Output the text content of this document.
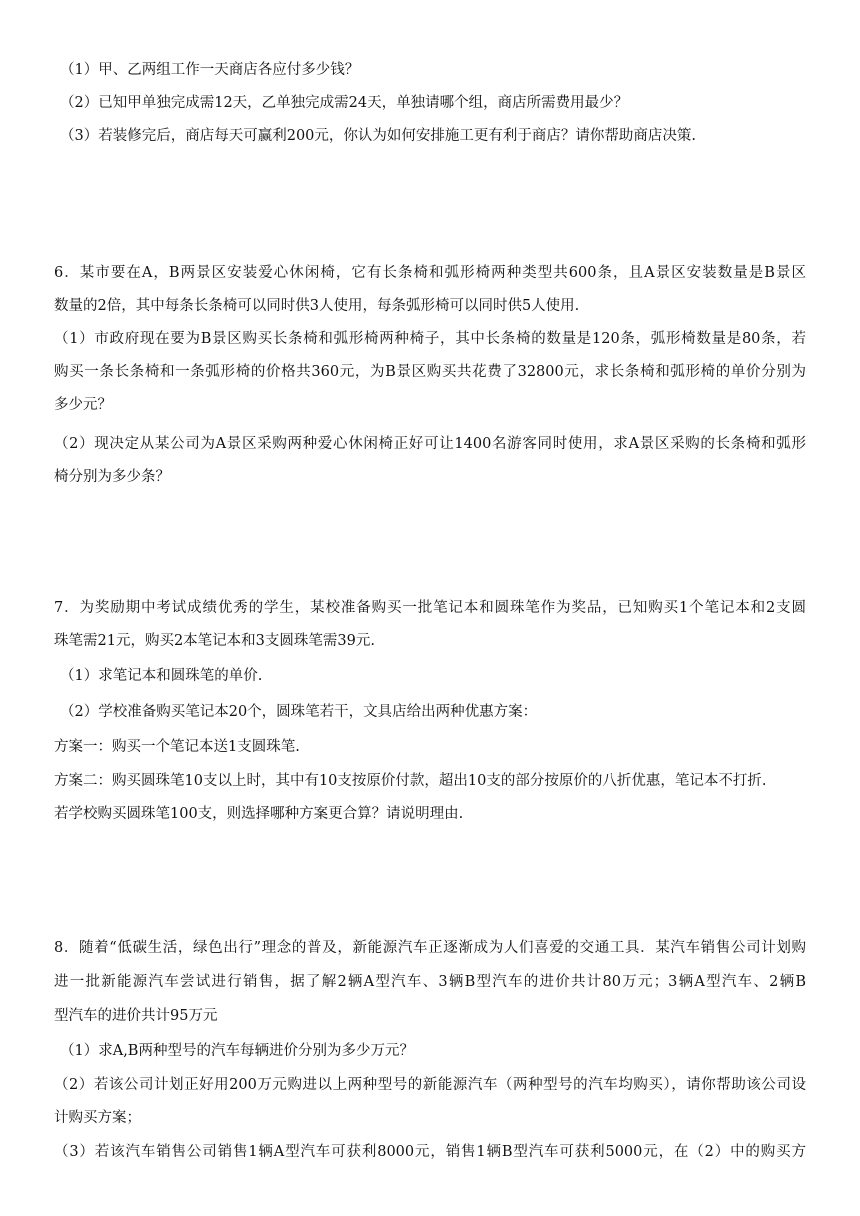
（1）甲、乙两组工作一天商店各应付多少钱？
（2）已知甲单独完成需12天，乙单独完成需24天，单独请哪个组，商店所需费用最少？
（3）若装修完后，商店每天可赢利200元，你认为如何安排施工更有利于商店？请你帮助商店决策.
6．某市要在A，B两景区安装爱心休闲椅，它有长条椅和弧形椅两种类型共600条，且A景区安装数量是B景区
数量的2倍，其中每条长条椅可以同时供3人使用，每条弧形椅可以同时供5人使用.
（1）市政府现在要为B景区购买长条椅和弧形椅两种椅子，其中长条椅的数量是120条，弧形椅数量是80条，若
购买一条长条椅和一条弧形椅的价格共360元，为B景区购买共花费了32800元，求长条椅和弧形椅的单价分别为
多少元？
（2）现决定从某公司为A景区采购两种爱心休闲椅正好可让1400名游客同时使用，求A景区采购的长条椅和弧形
椅分别为多少条？
7．为奖励期中考试成绩优秀的学生，某校准备购买一批笔记本和圆珠笔作为奖品，已知购买1个笔记本和2支圆
珠笔需21元，购买2本笔记本和3支圆珠笔需39元.
（1）求笔记本和圆珠笔的单价.
（2）学校准备购买笔记本20个，圆珠笔若干，文具店给出两种优惠方案：
方案一：购买一个笔记本送1支圆珠笔.
方案二：购买圆珠笔10支以上时，其中有10支按原价付款，超出10支的部分按原价的八折优惠，笔记本不打折.
若学校购买圆珠笔100支，则选择哪种方案更合算？请说明理由.
8．随着“低碳生活，绿色出行”理念的普及，新能源汽车正逐渐成为人们喜爱的交通工具．某汽车销售公司计划购
进一批新能源汽车尝试进行销售，据了解2辆A型汽车、3辆B型汽车的进价共计80万元；3辆A型汽车、2辆B
型汽车的进价共计95万元
（1）求A,B两种型号的汽车每辆进价分别为多少万元？
（2）若该公司计划正好用200万元购进以上两种型号的新能源汽车（两种型号的汽车均购买），请你帮助该公司设
计购买方案；
（3）若该汽车销售公司销售1辆A型汽车可获利8000元，销售1辆B型汽车可获利5000元，在（2）中的购买方
